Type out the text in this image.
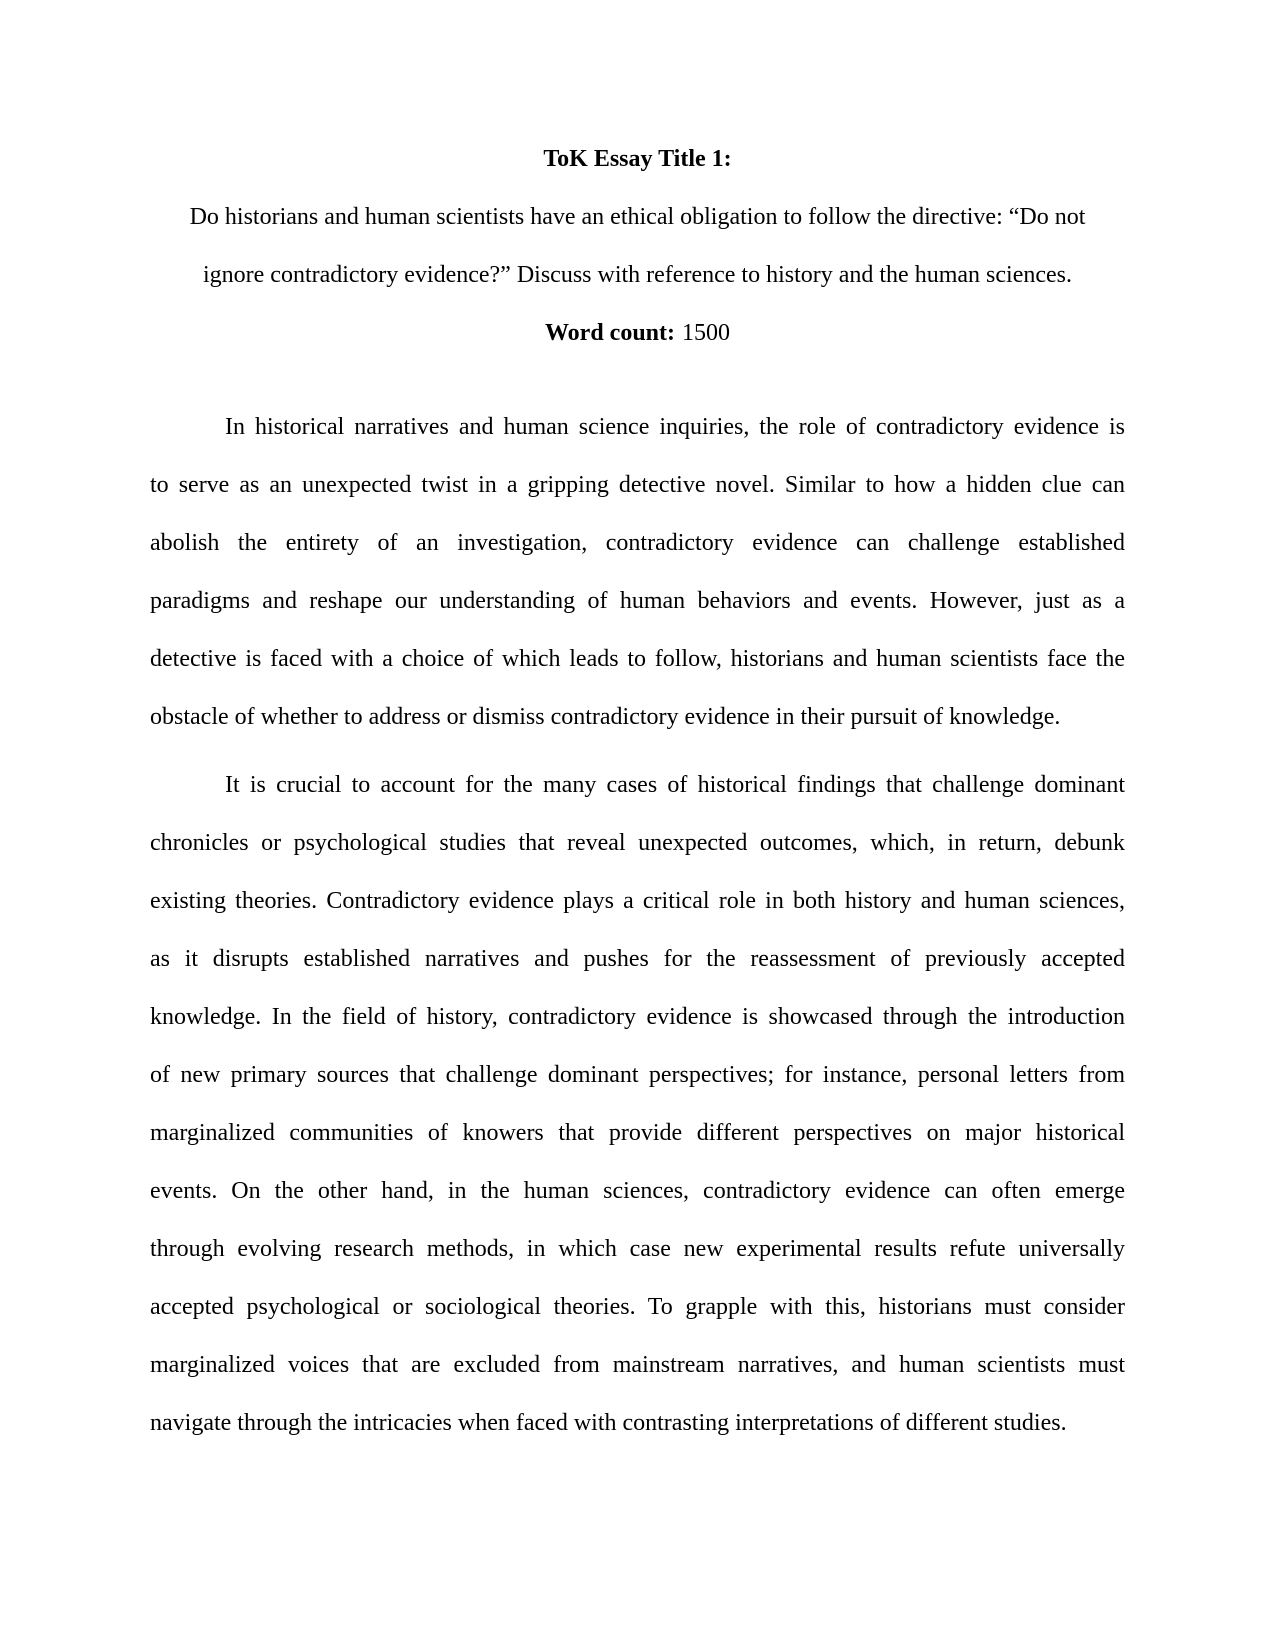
ToK Essay Title 1:
Do historians and human scientists have an ethical obligation to follow the directive: “Do not
ignore contradictory evidence?” Discuss with reference to history and the human sciences.
Word count: 1500
In historical narratives and human science inquiries, the role of contradictory evidence is
to serve as an unexpected twist in a gripping detective novel. Similar to how a hidden clue can
abolish the entirety of an investigation, contradictory evidence can challenge established
paradigms and reshape our understanding of human behaviors and events. However, just as a
detective is faced with a choice of which leads to follow, historians and human scientists face the
obstacle of whether to address or dismiss contradictory evidence in their pursuit of knowledge.
It is crucial to account for the many cases of historical findings that challenge dominant
chronicles or psychological studies that reveal unexpected outcomes, which, in return, debunk
existing theories. Contradictory evidence plays a critical role in both history and human sciences,
as it disrupts established narratives and pushes for the reassessment of previously accepted
knowledge. In the field of history, contradictory evidence is showcased through the introduction
of new primary sources that challenge dominant perspectives; for instance, personal letters from
marginalized communities of knowers that provide different perspectives on major historical
events. On the other hand, in the human sciences, contradictory evidence can often emerge
through evolving research methods, in which case new experimental results refute universally
accepted psychological or sociological theories. To grapple with this, historians must consider
marginalized voices that are excluded from mainstream narratives, and human scientists must
navigate through the intricacies when faced with contrasting interpretations of different studies.
